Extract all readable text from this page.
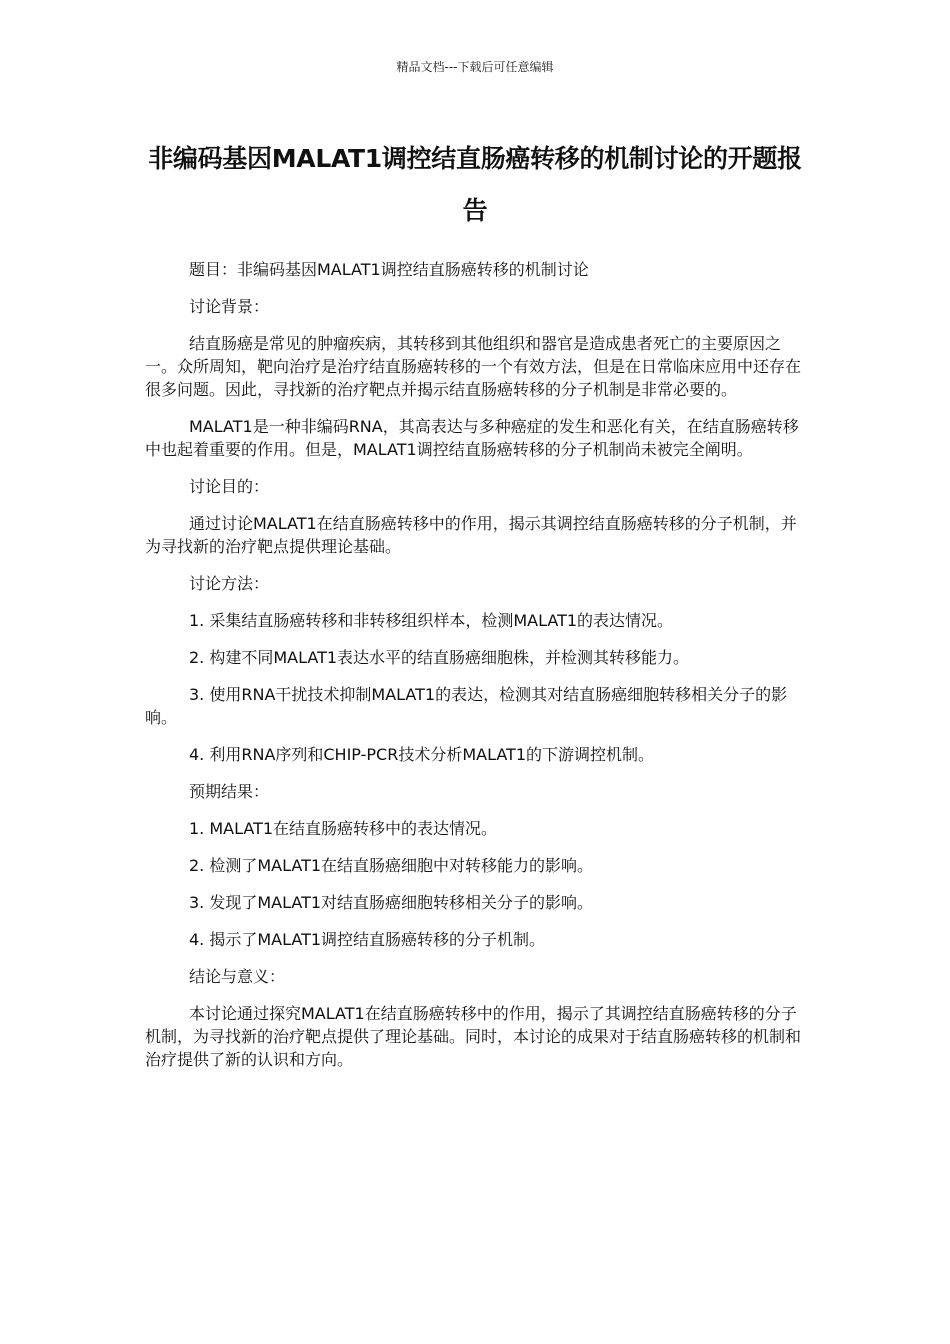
精品文档---下载后可任意编辑
非编码基因MALAT1调控结直肠癌转移的机制讨论的开题报告

题目：非编码基因MALAT1调控结直肠癌转移的机制讨论

讨论背景：

结直肠癌是常见的肿瘤疾病，其转移到其他组织和器官是造成患者死亡的主要原因之一。众所周知，靶向治疗是治疗结直肠癌转移的一个有效方法，但是在日常临床应用中还存在很多问题。因此，寻找新的治疗靶点并揭示结直肠癌转移的分子机制是非常必要的。

MALAT1是一种非编码RNA，其高表达与多种癌症的发生和恶化有关，在结直肠癌转移中也起着重要的作用。但是，MALAT1调控结直肠癌转移的分子机制尚未被完全阐明。

讨论目的：

通过讨论MALAT1在结直肠癌转移中的作用，揭示其调控结直肠癌转移的分子机制，并为寻找新的治疗靶点提供理论基础。

讨论方法：

1. 采集结直肠癌转移和非转移组织样本，检测MALAT1的表达情况。

2. 构建不同MALAT1表达水平的结直肠癌细胞株，并检测其转移能力。

3. 使用RNA干扰技术抑制MALAT1的表达，检测其对结直肠癌细胞转移相关分子的影响。

4. 利用RNA序列和CHIP-PCR技术分析MALAT1的下游调控机制。

预期结果：

1. MALAT1在结直肠癌转移中的表达情况。

2. 检测了MALAT1在结直肠癌细胞中对转移能力的影响。

3. 发现了MALAT1对结直肠癌细胞转移相关分子的影响。

4. 揭示了MALAT1调控结直肠癌转移的分子机制。

结论与意义：

本讨论通过探究MALAT1在结直肠癌转移中的作用，揭示了其调控结直肠癌转移的分子机制，为寻找新的治疗靶点提供了理论基础。同时，本讨论的成果对于结直肠癌转移的机制和治疗提供了新的认识和方向。
